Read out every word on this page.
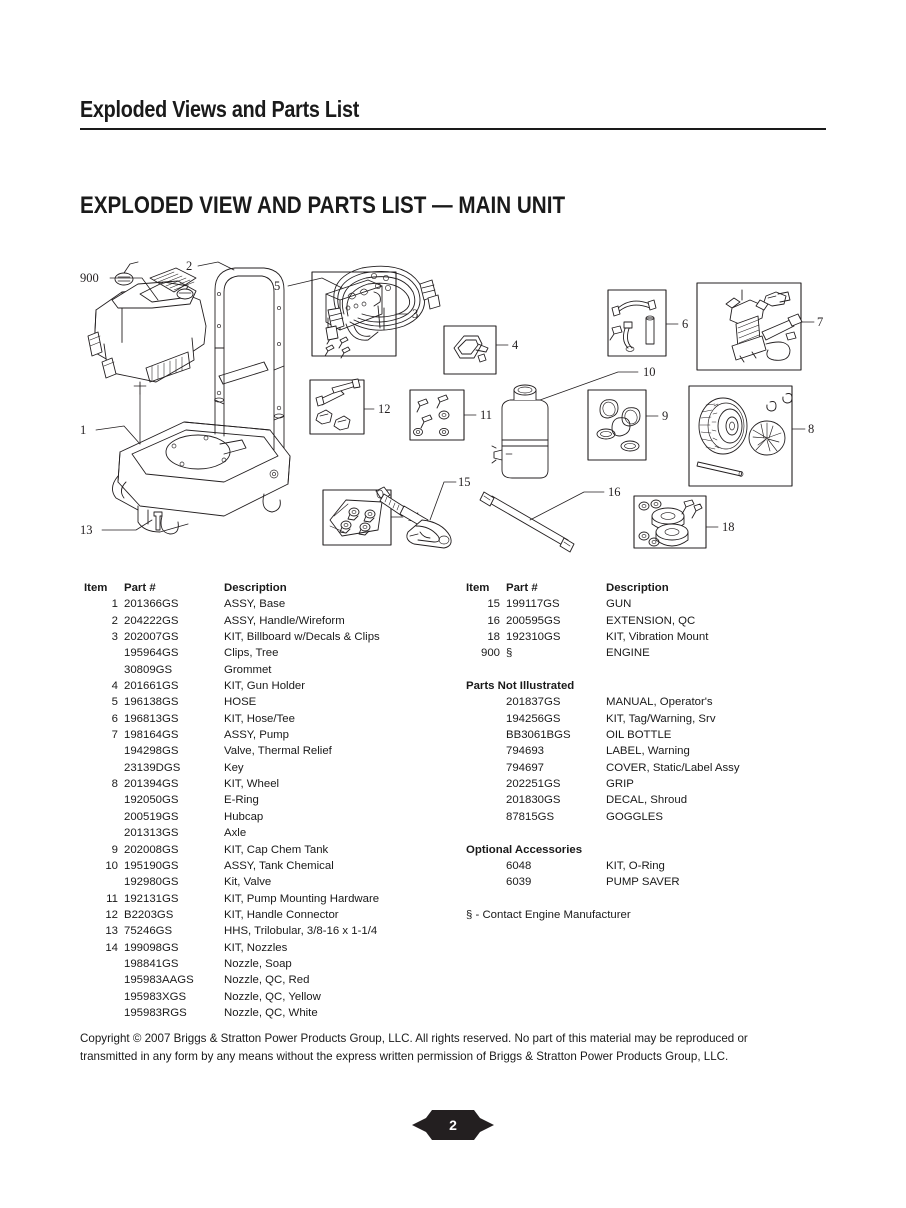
Exploded Views and Parts List
EXPLODED VIEW AND PARTS LIST — MAIN UNIT
900
2
1
13
3
4
5
6	7
12	11
10
9
8
15
16
18
Item Part #	Description
1 201366GS	ASSY, Base
2 204222GS	ASSY, Handle/Wireform
3 202007GS	KIT, Billboard w/Decals & Clips
195964GS	Clips, Tree
30809GS	Grommet
4 201661GS	KIT, Gun Holder
5 196138GS	HOSE
6 196813GS	KIT, Hose/Tee
7 198164GS	ASSY, Pump
194298GS	Valve, Thermal Relief
23139DGS	Key
8 201394GS	KIT, Wheel
192050GS	E-Ring
200519GS	Hubcap
201313GS	Axle
9 202008GS	KIT, Cap Chem Tank
10 195190GS	ASSY, Tank Chemical
192980GS	Kit, Valve
11 192131GS	KIT, Pump Mounting Hardware
12 B2203GS	KIT, Handle Connector
13 75246GS	HHS, Trilobular, 3/8-16 x 1-1/4
14 199098GS	KIT, Nozzles
198841GS	Nozzle, Soap
195983AAGS	Nozzle, QC, Red
195983XGS	Nozzle, QC, Yellow
195983RGS	Nozzle, QC, White
Item Part #	Description
15 199117GS	GUN
16 200595GS	EXTENSION, QC
18 192310GS	KIT, Vibration Mount
900 §	ENGINE
Parts Not Illustrated
201837GS	MANUAL, Operator's
194256GS	KIT, Tag/Warning, Srv
BB3061BGS	OIL BOTTLE
794693	LABEL, Warning
794697	COVER, Static/Label Assy
202251GS	GRIP
201830GS	DECAL, Shroud
87815GS	GOGGLES
Optional Accessories
6048	KIT, O-Ring
6039	PUMP SAVER
§ - Contact Engine Manufacturer
Copyright © 2007 Briggs & Stratton Power Products Group, LLC. All rights reserved. No part of this material may be reproduced or transmitted in any form by any means without the express written permission of Briggs & Stratton Power Products Group, LLC.
2
